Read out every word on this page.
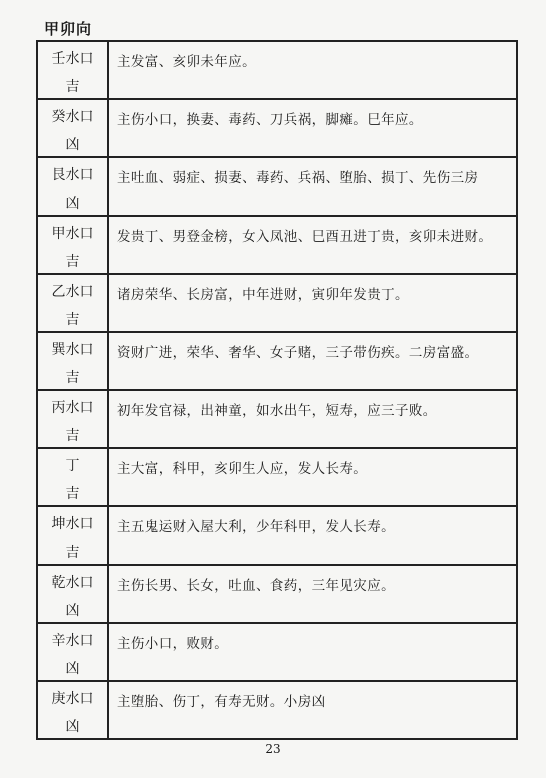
甲卯向
壬水口
吉
主发富、亥卯未年应。
癸水口
凶
主伤小口，换妻、毒药、刀兵祸，脚瘫。巳年应。
艮水口
凶
主吐血、弱症、损妻、毒药、兵祸、堕胎、损丁、先伤三房
甲水口
吉
发贵丁、男登金榜，女入凤池、巳酉丑进丁贵，亥卯未进财。
乙水口
吉
诸房荣华、长房富，中年进财，寅卯年发贵丁。
巽水口
吉
资财广进，荣华、奢华、女子赌，三子带伤疾。二房富盛。
丙水口
吉
初年发官禄，出神童，如水出午，短寿，应三子败。
丁
吉
主大富，科甲，亥卯生人应，发人长寿。
坤水口
吉
主五鬼运财入屋大利，少年科甲，发人长寿。
乾水口
凶
主伤长男、长女，吐血、食药，三年见灾应。
辛水口
凶
主伤小口，败财。
庚水口
凶
主堕胎、伤丁，有寿无财。小房凶
23
